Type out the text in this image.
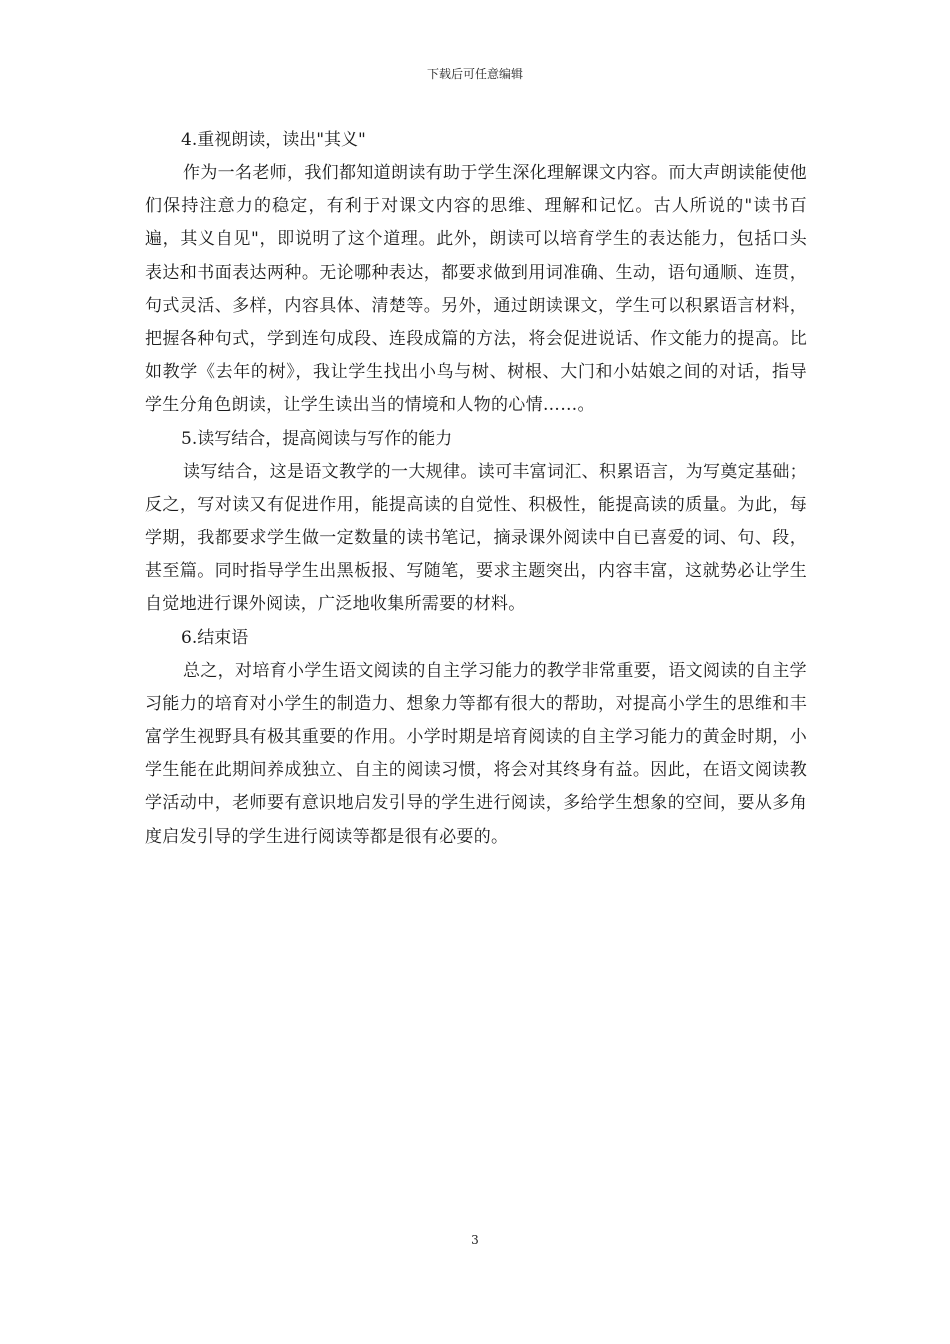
下载后可任意编辑

4.重视朗读，读出"其义"

作为一名老师，我们都知道朗读有助于学生深化理解课文内容。而大声朗读能使他们保持注意力的稳定，有利于对课文内容的思维、理解和记忆。古人所说的"读书百遍，其义自见"，即说明了这个道理。此外，朗读可以培育学生的表达能力，包括口头表达和书面表达两种。无论哪种表达，都要求做到用词准确、生动，语句通顺、连贯，句式灵活、多样，内容具体、清楚等。另外，通过朗读课文，学生可以积累语言材料，把握各种句式，学到连句成段、连段成篇的方法，将会促进说话、作文能力的提高。比如教学《去年的树》，我让学生找出小鸟与树、树根、大门和小姑娘之间的对话，指导学生分角色朗读，让学生读出当的情境和人物的心情……。

5.读写结合，提高阅读与写作的能力

读写结合，这是语文教学的一大规律。读可丰富词汇、积累语言，为写奠定基础；反之，写对读又有促进作用，能提高读的自觉性、积极性，能提高读的质量。为此，每学期，我都要求学生做一定数量的读书笔记，摘录课外阅读中自已喜爱的词、句、段，甚至篇。同时指导学生出黑板报、写随笔，要求主题突出，内容丰富，这就势必让学生自觉地进行课外阅读，广泛地收集所需要的材料。

6.结束语

总之，对培育小学生语文阅读的自主学习能力的教学非常重要，语文阅读的自主学习能力的培育对小学生的制造力、想象力等都有很大的帮助，对提高小学生的思维和丰富学生视野具有极其重要的作用。小学时期是培育阅读的自主学习能力的黄金时期，小学生能在此期间养成独立、自主的阅读习惯，将会对其终身有益。因此，在语文阅读教学活动中，老师要有意识地启发引导的学生进行阅读，多给学生想象的空间，要从多角度启发引导的学生进行阅读等都是很有必要的。

3
